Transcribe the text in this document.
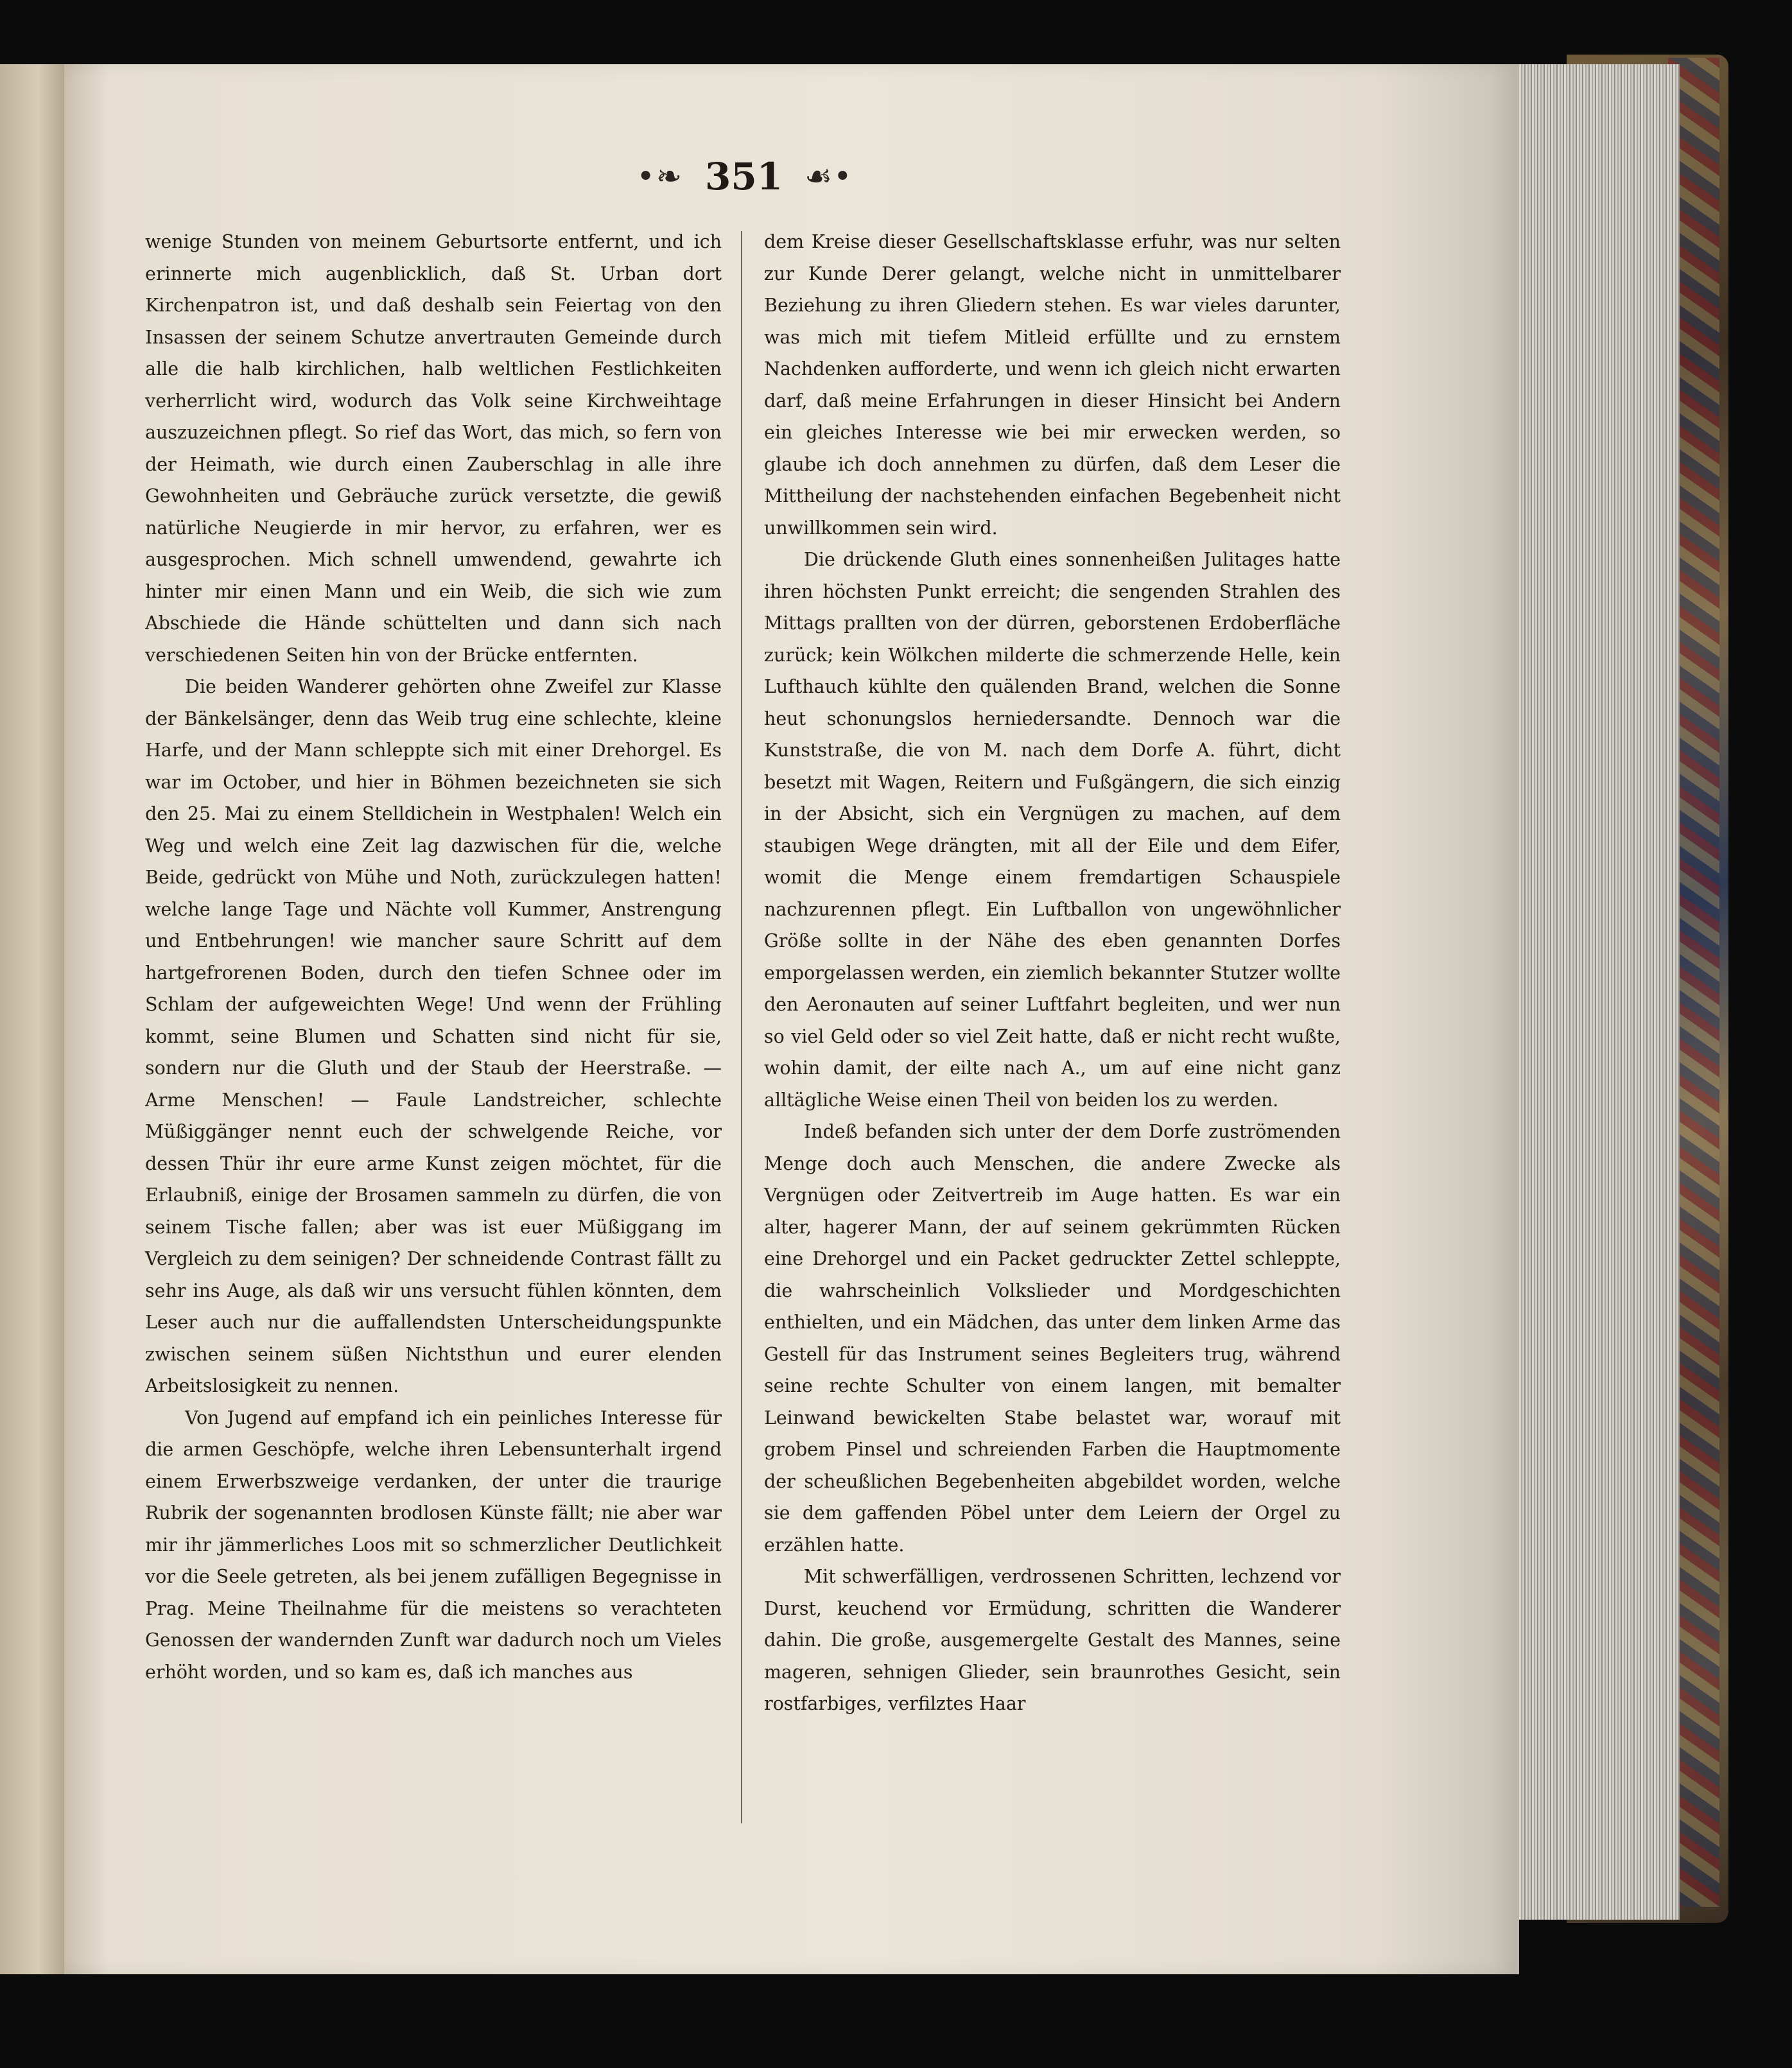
•❧ 351 ☙•

wenige Stunden von meinem Geburtsorte entfernt, und ich erinnerte mich augenblicklich, daß St. Urban dort Kirchenpatron ist, und daß deshalb sein Feiertag von den Insassen der seinem Schutze anvertrauten Gemeinde durch alle die halb kirchlichen, halb weltlichen Festlichkeiten verherrlicht wird, wodurch das Volk seine Kirchweihtage auszuzeichnen pflegt. So rief das Wort, das mich, so fern von der Heimath, wie durch einen Zauberschlag in alle ihre Gewohnheiten und Gebräuche zurück versetzte, die gewiß natürliche Neugierde in mir hervor, zu erfahren, wer es ausgesprochen. Mich schnell umwendend, gewahrte ich hinter mir einen Mann und ein Weib, die sich wie zum Abschiede die Hände schüttelten und dann sich nach verschiedenen Seiten hin von der Brücke entfernten.

Die beiden Wanderer gehörten ohne Zweifel zur Klasse der Bänkelsänger, denn das Weib trug eine schlechte, kleine Harfe, und der Mann schleppte sich mit einer Drehorgel. Es war im October, und hier in Böhmen bezeichneten sie sich den 25. Mai zu einem Stelldichein in Westphalen! Welch ein Weg und welch eine Zeit lag dazwischen für die, welche Beide, gedrückt von Mühe und Noth, zurückzulegen hatten! welche lange Tage und Nächte voll Kummer, Anstrengung und Entbehrungen! wie mancher saure Schritt auf dem hartgefrorenen Boden, durch den tiefen Schnee oder im Schlam der aufgeweichten Wege! Und wenn der Frühling kommt, seine Blumen und Schatten sind nicht für sie, sondern nur die Gluth und der Staub der Heerstraße. — Arme Menschen! — Faule Landstreicher, schlechte Müßiggänger nennt euch der schwelgende Reiche, vor dessen Thür ihr eure arme Kunst zeigen möchtet, für die Erlaubniß, einige der Brosamen sammeln zu dürfen, die von seinem Tische fallen; aber was ist euer Müßiggang im Vergleich zu dem seinigen? Der schneidende Contrast fällt zu sehr ins Auge, als daß wir uns versucht fühlen könnten, dem Leser auch nur die auffallendsten Unterscheidungspunkte zwischen seinem süßen Nichtsthun und eurer elenden Arbeitslosigkeit zu nennen.

Von Jugend auf empfand ich ein peinliches Interesse für die armen Geschöpfe, welche ihren Lebensunterhalt irgend einem Erwerbszweige verdanken, der unter die traurige Rubrik der sogenannten brodlosen Künste fällt; nie aber war mir ihr jämmerliches Loos mit so schmerzlicher Deutlichkeit vor die Seele getreten, als bei jenem zufälligen Begegnisse in Prag. Meine Theilnahme für die meistens so verachteten Genossen der wandernden Zunft war dadurch noch um Vieles erhöht worden, und so kam es, daß ich manches aus

dem Kreise dieser Gesellschaftsklasse erfuhr, was nur selten zur Kunde Derer gelangt, welche nicht in unmittelbarer Beziehung zu ihren Gliedern stehen. Es war vieles darunter, was mich mit tiefem Mitleid erfüllte und zu ernstem Nachdenken aufforderte, und wenn ich gleich nicht erwarten darf, daß meine Erfahrungen in dieser Hinsicht bei Andern ein gleiches Interesse wie bei mir erwecken werden, so glaube ich doch annehmen zu dürfen, daß dem Leser die Mittheilung der nachstehenden einfachen Begebenheit nicht unwillkommen sein wird.

Die drückende Gluth eines sonnenheißen Julitages hatte ihren höchsten Punkt erreicht; die sengenden Strahlen des Mittags prallten von der dürren, geborstenen Erdoberfläche zurück; kein Wölkchen milderte die schmerzende Helle, kein Lufthauch kühlte den quälenden Brand, welchen die Sonne heut schonungslos herniedersandte. Dennoch war die Kunststraße, die von M. nach dem Dorfe A. führt, dicht besetzt mit Wagen, Reitern und Fußgängern, die sich einzig in der Absicht, sich ein Vergnügen zu machen, auf dem staubigen Wege drängten, mit all der Eile und dem Eifer, womit die Menge einem fremdartigen Schauspiele nachzurennen pflegt. Ein Luftballon von ungewöhnlicher Größe sollte in der Nähe des eben genannten Dorfes emporgelassen werden, ein ziemlich bekannter Stutzer wollte den Aeronauten auf seiner Luftfahrt begleiten, und wer nun so viel Geld oder so viel Zeit hatte, daß er nicht recht wußte, wohin damit, der eilte nach A., um auf eine nicht ganz alltägliche Weise einen Theil von beiden los zu werden.

Indeß befanden sich unter der dem Dorfe zuströmenden Menge doch auch Menschen, die andere Zwecke als Vergnügen oder Zeitvertreib im Auge hatten. Es war ein alter, hagerer Mann, der auf seinem gekrümmten Rücken eine Drehorgel und ein Packet gedruckter Zettel schleppte, die wahrscheinlich Volkslieder und Mordgeschichten enthielten, und ein Mädchen, das unter dem linken Arme das Gestell für das Instrument seines Begleiters trug, während seine rechte Schulter von einem langen, mit bemalter Leinwand bewickelten Stabe belastet war, worauf mit grobem Pinsel und schreienden Farben die Hauptmomente der scheußlichen Begebenheiten abgebildet worden, welche sie dem gaffenden Pöbel unter dem Leiern der Orgel zu erzählen hatte.

Mit schwerfälligen, verdrossenen Schritten, lechzend vor Durst, keuchend vor Ermüdung, schritten die Wanderer dahin. Die große, ausgemergelte Gestalt des Mannes, seine mageren, sehnigen Glieder, sein braunrothes Gesicht, sein rostfarbiges, verfilztes Haar
